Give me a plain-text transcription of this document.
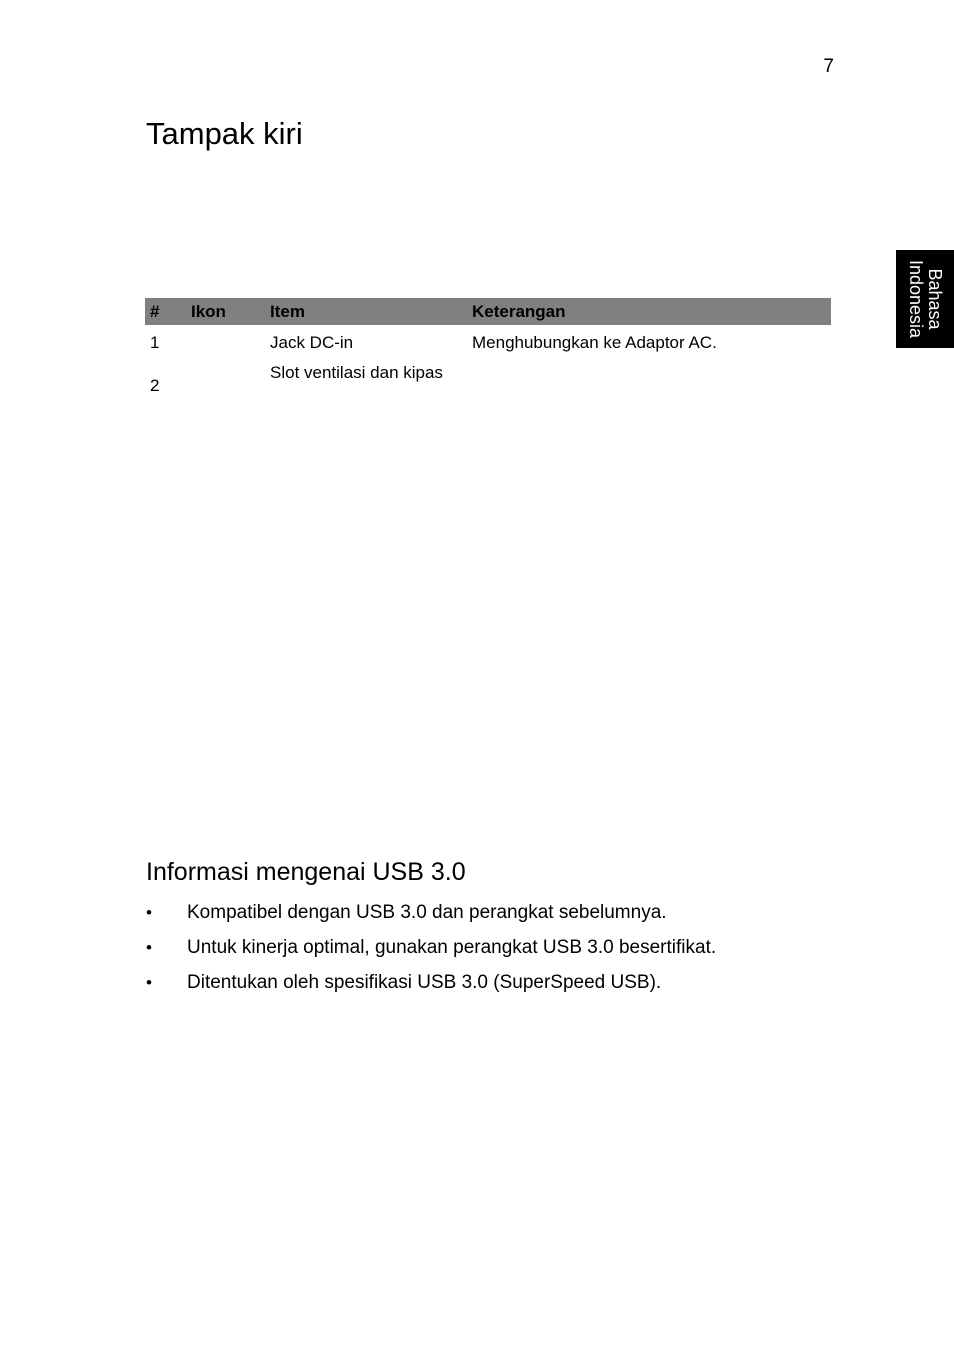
7
Tampak kiri
Bahasa
Indonesia
#	Ikon	Item	Keterangan
1		Jack DC-in	Menghubungkan ke Adaptor AC.
2		Slot ventilasi dan kipas	
Informasi mengenai USB 3.0
• Kompatibel dengan USB 3.0 dan perangkat sebelumnya.
• Untuk kinerja optimal, gunakan perangkat USB 3.0 besertifikat.
• Ditentukan oleh spesifikasi USB 3.0 (SuperSpeed USB).
